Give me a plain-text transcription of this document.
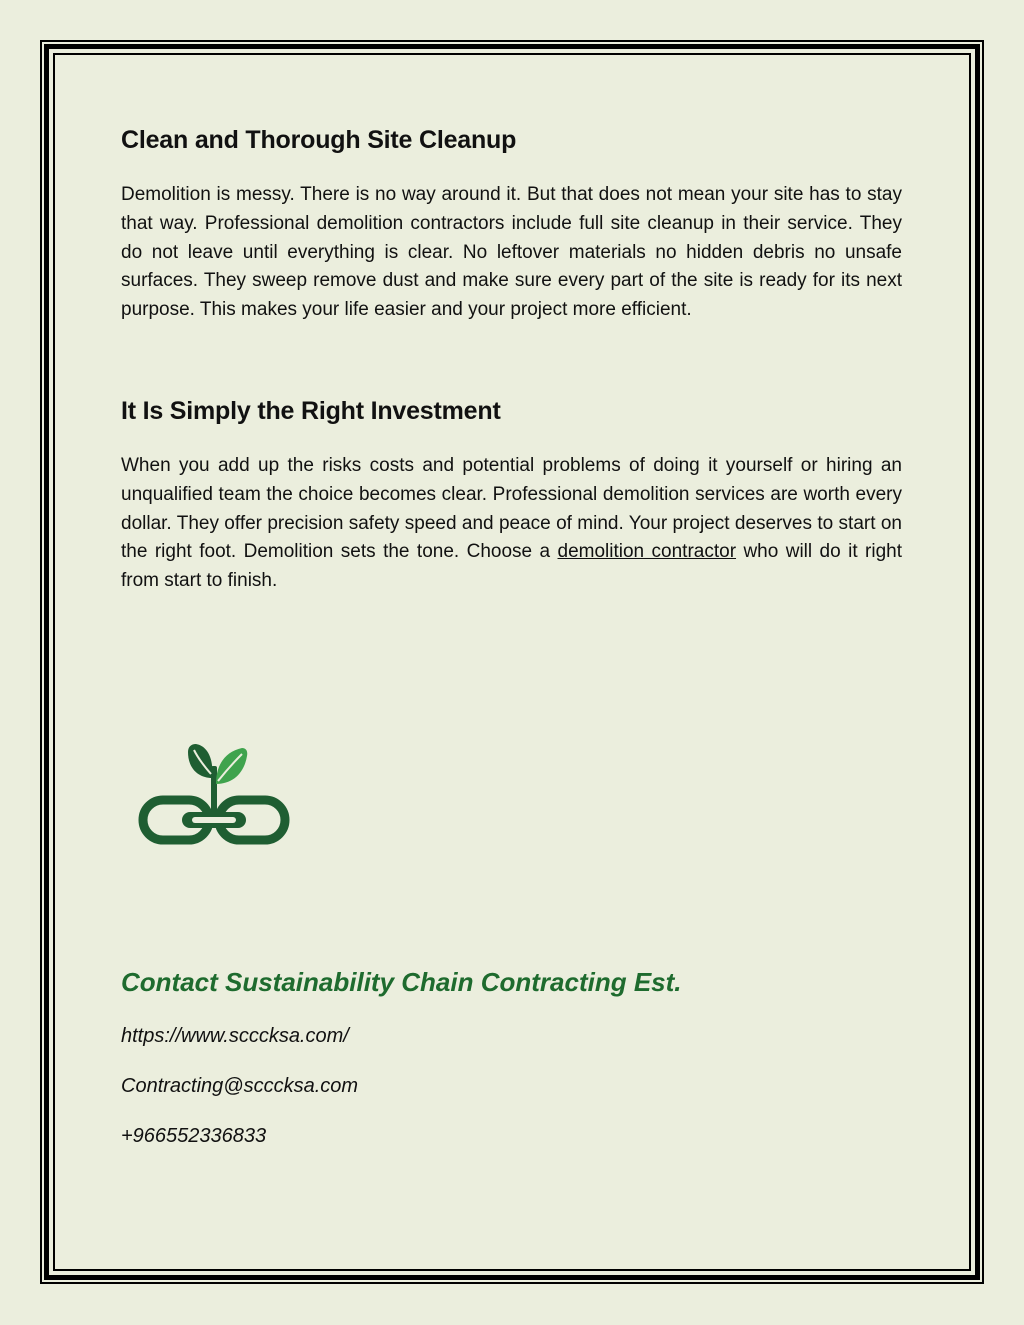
Clean and Thorough Site Cleanup

Demolition is messy. There is no way around it. But that does not mean your site has to stay that way. Professional demolition contractors include full site cleanup in their service. They do not leave until everything is clear. No leftover materials no hidden debris no unsafe surfaces. They sweep remove dust and make sure every part of the site is ready for its next purpose. This makes your life easier and your project more efficient.

It Is Simply the Right Investment

When you add up the risks costs and potential problems of doing it yourself or hiring an unqualified team the choice becomes clear. Professional demolition services are worth every dollar. They offer precision safety speed and peace of mind. Your project deserves to start on the right foot. Demolition sets the tone. Choose a demolition contractor who will do it right from start to finish.

Contact Sustainability Chain Contracting Est.

https://www.scccksa.com/

Contracting@scccksa.com

+966552336833
